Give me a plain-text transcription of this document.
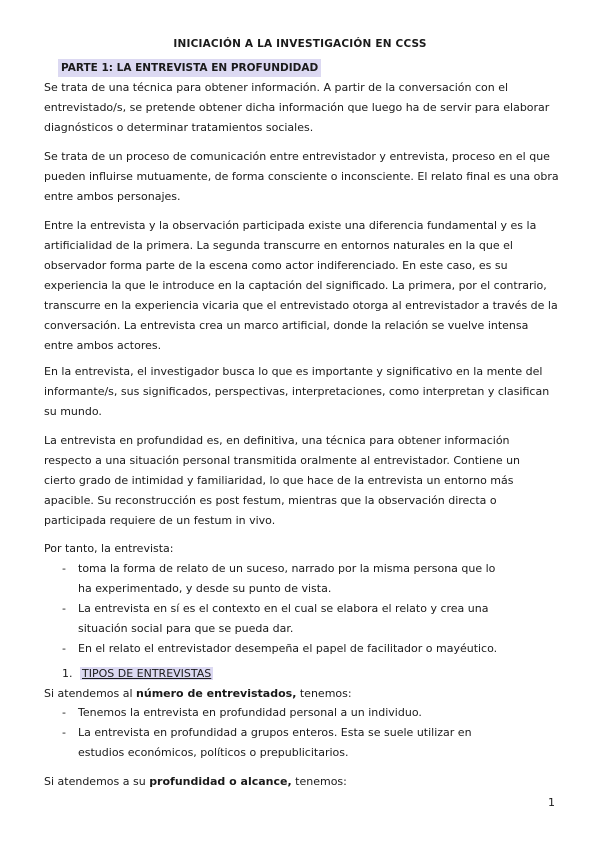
INICIACIÓN A LA INVESTIGACIÓN EN CCSS
PARTE 1: LA ENTREVISTA EN PROFUNDIDAD

Se trata de una técnica para obtener información. A partir de la conversación con el

entrevistado/s, se pretende obtener dicha información que luego ha de servir para elaborar

diagnósticos o determinar tratamientos sociales.

Se trata de un proceso de comunicación entre entrevistador y entrevista, proceso en el que

pueden influirse mutuamente, de forma consciente o inconsciente. El relato final es una obra

entre ambos personajes.

Entre la entrevista y la observación participada existe una diferencia fundamental y es la

artificialidad de la primera. La segunda transcurre en entornos naturales en la que el

observador forma parte de la escena como actor indiferenciado. En este caso, es su

experiencia la que le introduce en la captación del significado. La primera, por el contrario,

transcurre en la experiencia vicaria que el entrevistado otorga al entrevistador a través de la

conversación. La entrevista crea un marco artificial, donde la relación se vuelve intensa

entre ambos actores.

En la entrevista, el investigador busca lo que es importante y significativo en la mente del

informante/s, sus significados, perspectivas, interpretaciones, como interpretan y clasifican

su mundo.

La entrevista en profundidad es, en definitiva, una técnica para obtener información

respecto a una situación personal transmitida oralmente al entrevistador. Contiene un

cierto grado de intimidad y familiaridad, lo que hace de la entrevista un entorno más

apacible. Su reconstrucción es post festum, mientras que la observación directa o

participada requiere de un festum in vivo.

Por tanto, la entrevista:

- toma la forma de relato de un suceso, narrado por la misma persona que lo
ha experimentado, y desde su punto de vista.
- La entrevista en sí es el contexto en el cual se elabora el relato y crea una
situación social para que se pueda dar.
- En el relato el entrevistador desempeña el papel de facilitador o mayéutico.
1. TIPOS DE ENTREVISTAS

Si atendemos al número de entrevistados, tenemos:

- Tenemos la entrevista en profundidad personal a un individuo.
- La entrevista en profundidad a grupos enteros. Esta se suele utilizar en
estudios económicos, políticos o prepublicitarios.

Si atendemos a su profundidad o alcance, tenemos:

1
